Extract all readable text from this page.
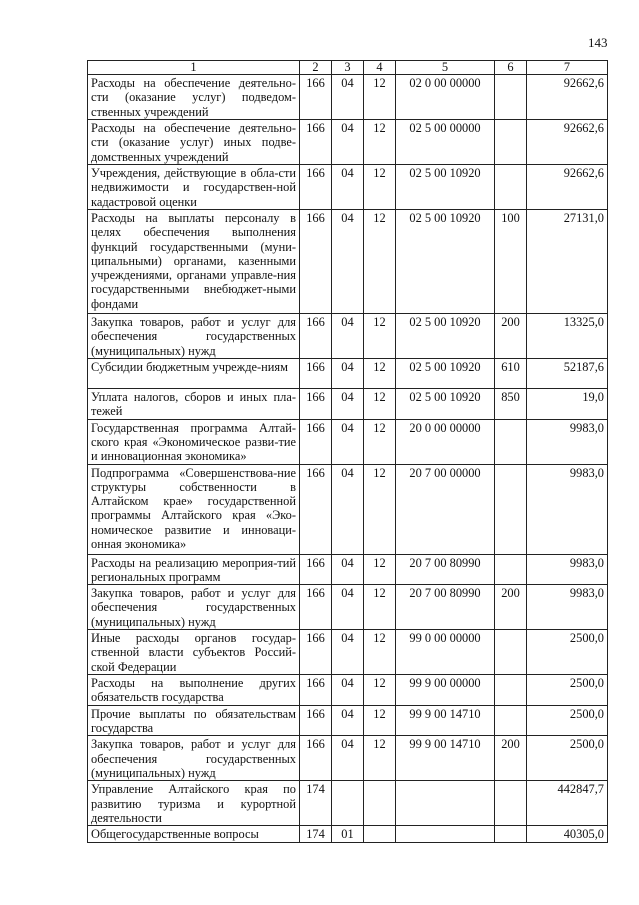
143
1	2	3	4	5	6	7
Расходы на обеспечение деятельно-сти (оказание услуг) подведом-ственных учреждений	166	04	12	02 0 00 00000		92662,6
Расходы на обеспечение деятельно-сти (оказание услуг) иных подве-домственных учреждений	166	04	12	02 5 00 00000		92662,6
Учреждения, действующие в обла-сти недвижимости и государствен-ной кадастровой оценки	166	04	12	02 5 00 10920		92662,6
Расходы на выплаты персоналу в целях обеспечения выполнения функций государственными (муни-ципальными) органами, казенными учреждениями, органами управле-ния государственными внебюджет-ными фондами	166	04	12	02 5 00 10920	100	27131,0
Закупка товаров, работ и услуг для обеспечения государственных (муниципальных) нужд	166	04	12	02 5 00 10920	200	13325,0
Субсидии бюджетным учрежде-ниям	166	04	12	02 5 00 10920	610	52187,6
Уплата налогов, сборов и иных пла-тежей	166	04	12	02 5 00 10920	850	19,0
Государственная программа Алтай-ского края «Экономическое разви-тие и инновационная экономика»	166	04	12	20 0 00 00000		9983,0
Подпрограмма «Совершенствова-ние структуры собственности в Алтайском крае» государственной программы Алтайского края «Эко-номическое развитие и инноваци-онная экономика»	166	04	12	20 7 00 00000		9983,0
Расходы на реализацию мероприя-тий региональных программ	166	04	12	20 7 00 80990		9983,0
Закупка товаров, работ и услуг для обеспечения государственных (муниципальных) нужд	166	04	12	20 7 00 80990	200	9983,0
Иные расходы органов государ-ственной власти субъектов Россий-ской Федерации	166	04	12	99 0 00 00000		2500,0
Расходы на выполнение других обязательств государства	166	04	12	99 9 00 00000		2500,0
Прочие выплаты по обязательствам государства	166	04	12	99 9 00 14710		2500,0
Закупка товаров, работ и услуг для обеспечения государственных (муниципальных) нужд	166	04	12	99 9 00 14710	200	2500,0
Управление Алтайского края по развитию туризма и курортной деятельности	174					442847,7
Общегосударственные вопросы	174	01				40305,0
